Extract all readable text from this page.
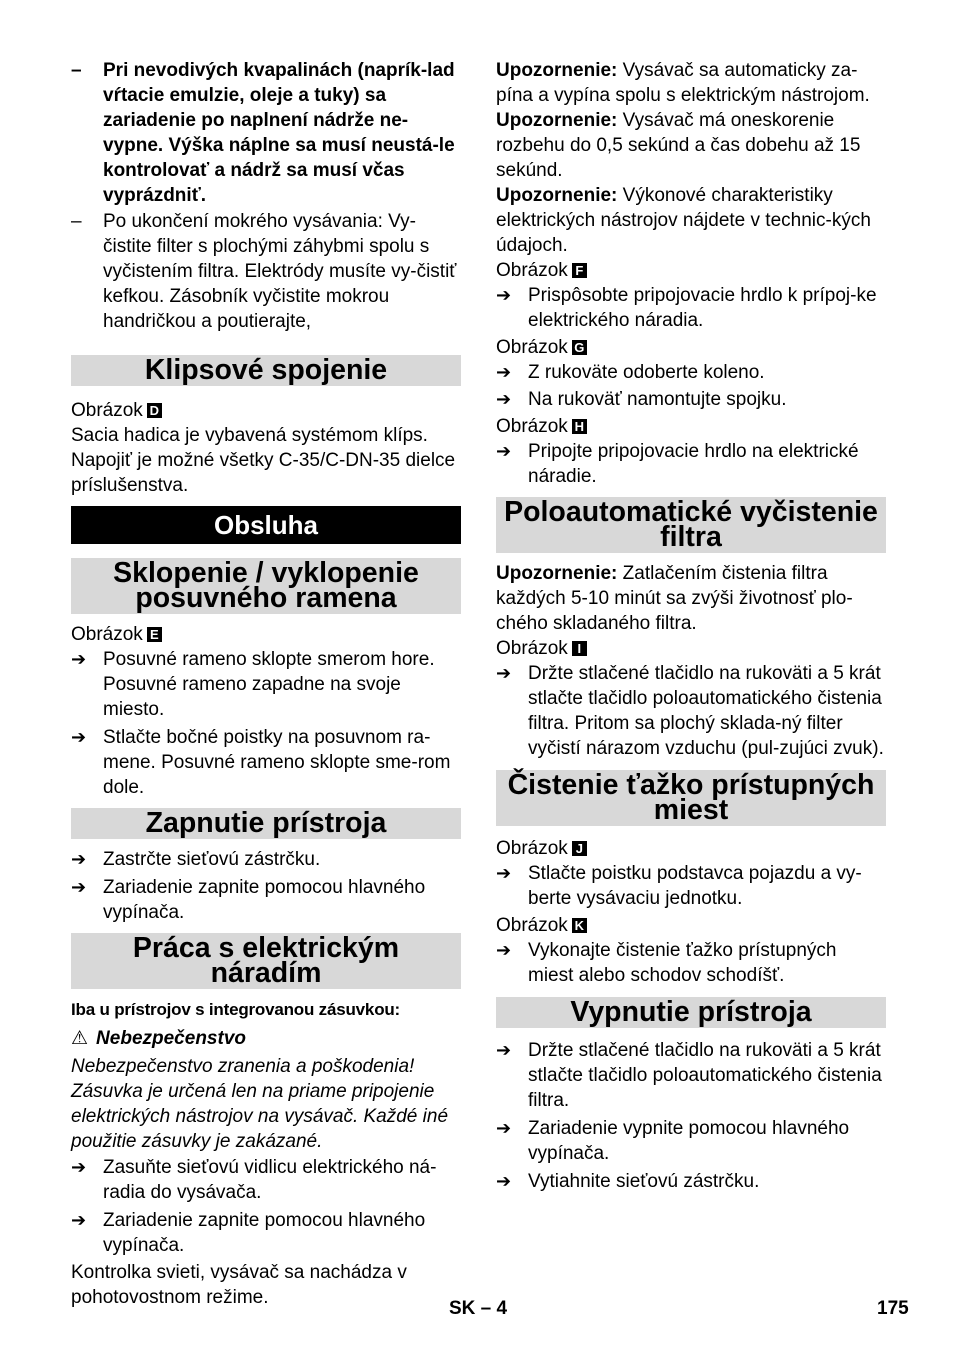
– Pri nevodivých kvapalinách (naprík-lad vŕtacie emulzie, oleje a tuky) sa zariadenie po naplnení nádrže ne-vypne. Výška náplne sa musí neustá-le kontrolovať a nádrž sa musí včas vyprázdniť.

– Po ukončení mokrého vysávania: Vy-čistite filter s plochými záhybmi spolu s vyčistením filtra. Elektródy musíte vy-čistiť kefkou. Zásobník vyčistite mokrou handričkou a poutierajte,

Klipsové spojenie

Obrázok D

Sacia hadica je vybavená systémom klíps. Napojiť je možné všetky C-35/C-DN-35 dielce príslušenstva.

Obsluha
Sklopenie / vyklopenie posuvného ramena

Obrázok E

➔ Posuvné rameno sklopte smerom hore. Posuvné rameno zapadne na svoje miesto.

➔ Stlačte bočné poistky na posuvnom ra-mene. Posuvné rameno sklopte sme-rom dole.

Zapnutie prístroja

➔ Zastrčte sieťovú zástrčku.

➔ Zariadenie zapnite pomocou hlavného vypínača.

Práca s elektrickým náradím

Iba u prístrojov s integrovanou zásuvkou:

⚠ Nebezpečenstvo

Nebezpečenstvo zranenia a poškodenia! Zásuvka je určená len na priame pripojenie elektrických nástrojov na vysávač. Každé iné použitie zásuvky je zakázané.

➔ Zasuňte sieťovú vidlicu elektrického ná-radia do vysávača.

➔ Zariadenie zapnite pomocou hlavného vypínača.

Kontrolka svieti, vysávač sa nachádza v pohotovostnom režime.

Upozornenie: Vysávač sa automaticky za-pína a vypína spolu s elektrickým nástrojom.

Upozornenie: Vysávač má oneskorenie rozbehu do 0,5 sekúnd a čas dobehu až 15 sekúnd.

Upozornenie: Výkonové charakteristiky elektrických nástrojov nájdete v technic-kých údajoch.

Obrázok F

➔ Prispôsobte pripojovacie hrdlo k prípoj-ke elektrického náradia.

Obrázok G

➔ Z rukoväte odoberte koleno.

➔ Na rukoväť namontujte spojku.

Obrázok H

➔ Pripojte pripojovacie hrdlo na elektrické náradie.

Poloautomatické vyčistenie filtra

Upozornenie: Zatlačením čistenia filtra každých 5-10 minút sa zvýši životnosť plo-chého skladaného filtra.

Obrázok I

➔ Držte stlačené tlačidlo na rukoväti a 5 krát stlačte tlačidlo poloautomatického čistenia filtra. Pritom sa plochý sklada-ný filter vyčistí nárazom vzduchu (pul-zujúci zvuk).

Čistenie ťažko prístupných miest

Obrázok J

➔ Stlačte poistku podstavca pojazdu a vy-berte vysávaciu jednotku.

Obrázok K

➔ Vykonajte čistenie ťažko prístupných miest alebo schodov schodíšť.

Vypnutie prístroja

➔ Držte stlačené tlačidlo na rukoväti a 5 krát stlačte tlačidlo poloautomatického čistenia filtra.

➔ Zariadenie vypnite pomocou hlavného vypínača.

➔ Vytiahnite sieťovú zástrčku.

SK – 4	175
